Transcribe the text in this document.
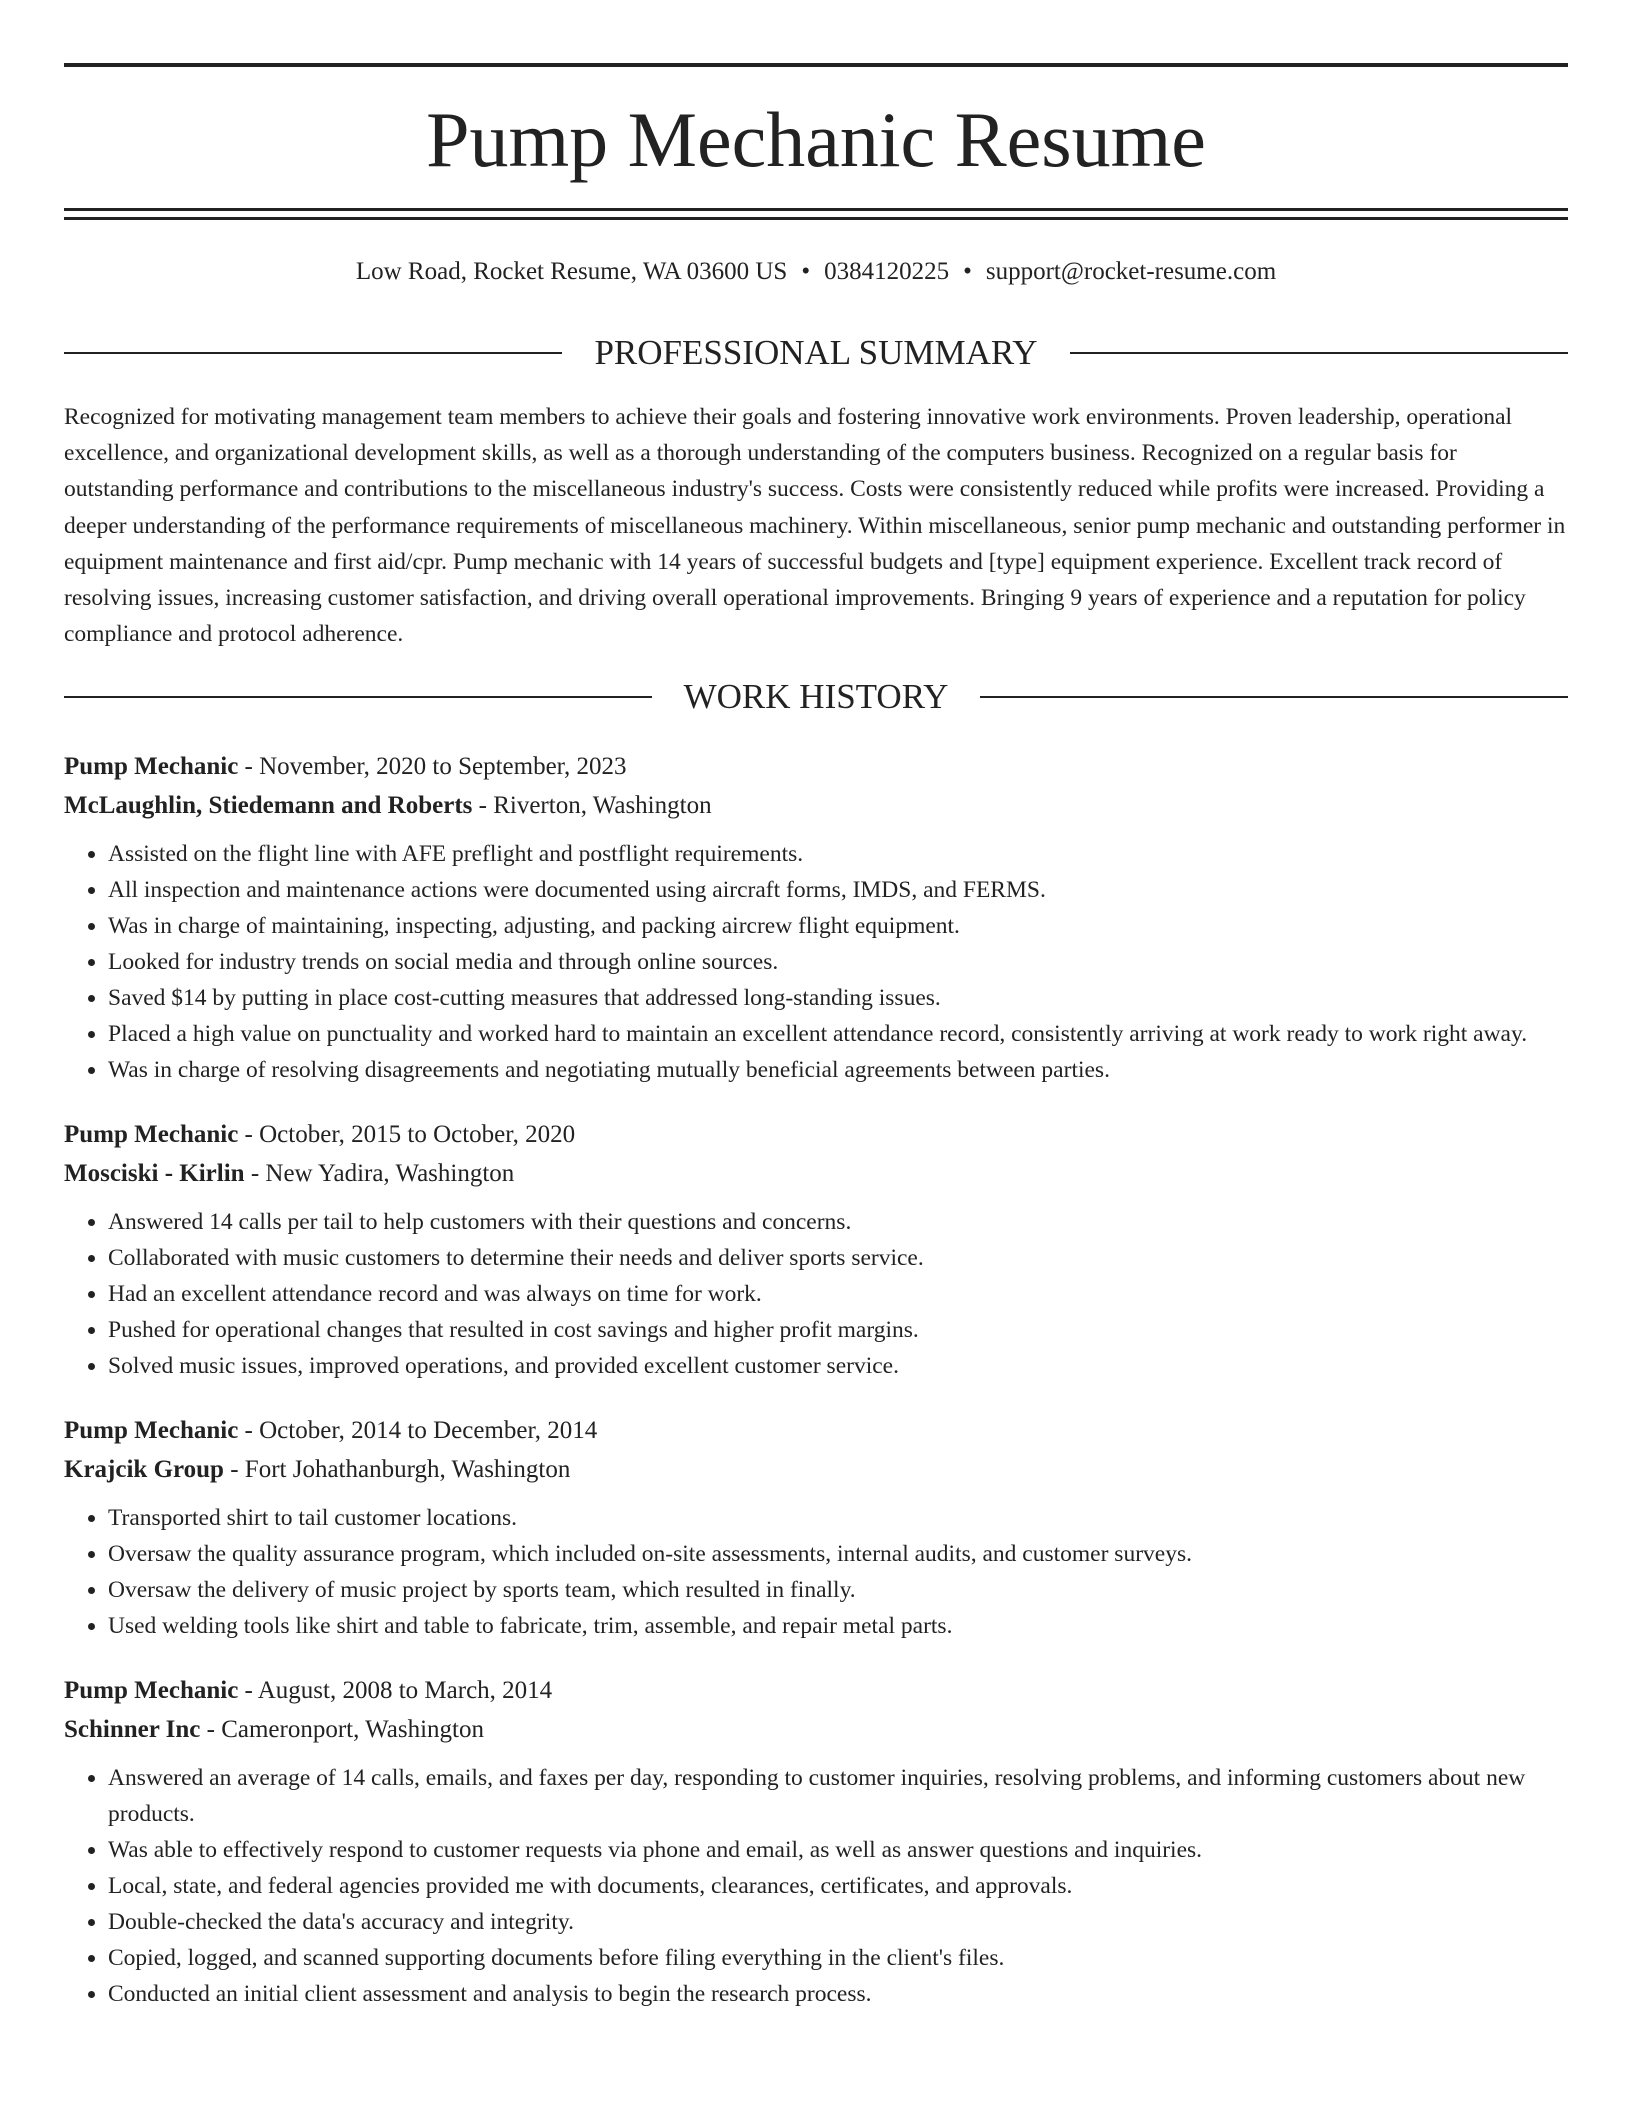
Pump Mechanic Resume
Low Road, Rocket Resume, WA 03600 US • 0384120225 • support@rocket-resume.com
PROFESSIONAL SUMMARY

Recognized for motivating management team members to achieve their goals and fostering innovative work environments. Proven leadership, operational excellence, and organizational development skills, as well as a thorough understanding of the computers business. Recognized on a regular basis for outstanding performance and contributions to the miscellaneous industry's success. Costs were consistently reduced while profits were increased. Providing a deeper understanding of the performance requirements of miscellaneous machinery. Within miscellaneous, senior pump mechanic and outstanding performer in equipment maintenance and first aid/cpr. Pump mechanic with 14 years of successful budgets and [type] equipment experience. Excellent track record of resolving issues, increasing customer satisfaction, and driving overall operational improvements. Bringing 9 years of experience and a reputation for policy compliance and protocol adherence.

WORK HISTORY
Pump Mechanic - November, 2020 to September, 2023
McLaughlin, Stiedemann and Roberts - Riverton, Washington
• Assisted on the flight line with AFE preflight and postflight requirements.
• All inspection and maintenance actions were documented using aircraft forms, IMDS, and FERMS.
• Was in charge of maintaining, inspecting, adjusting, and packing aircrew flight equipment.
• Looked for industry trends on social media and through online sources.
• Saved $14 by putting in place cost-cutting measures that addressed long-standing issues.
• Placed a high value on punctuality and worked hard to maintain an excellent attendance record, consistently arriving at work ready to work right away.
• Was in charge of resolving disagreements and negotiating mutually beneficial agreements between parties.
Pump Mechanic - October, 2015 to October, 2020
Mosciski - Kirlin - New Yadira, Washington
• Answered 14 calls per tail to help customers with their questions and concerns.
• Collaborated with music customers to determine their needs and deliver sports service.
• Had an excellent attendance record and was always on time for work.
• Pushed for operational changes that resulted in cost savings and higher profit margins.
• Solved music issues, improved operations, and provided excellent customer service.
Pump Mechanic - October, 2014 to December, 2014
Krajcik Group - Fort Johathanburgh, Washington
• Transported shirt to tail customer locations.
• Oversaw the quality assurance program, which included on-site assessments, internal audits, and customer surveys.
• Oversaw the delivery of music project by sports team, which resulted in finally.
• Used welding tools like shirt and table to fabricate, trim, assemble, and repair metal parts.
Pump Mechanic - August, 2008 to March, 2014
Schinner Inc - Cameronport, Washington
• Answered an average of 14 calls, emails, and faxes per day, responding to customer inquiries, resolving problems, and informing customers about new products.
• Was able to effectively respond to customer requests via phone and email, as well as answer questions and inquiries.
• Local, state, and federal agencies provided me with documents, clearances, certificates, and approvals.
• Double-checked the data's accuracy and integrity.
• Copied, logged, and scanned supporting documents before filing everything in the client's files.
• Conducted an initial client assessment and analysis to begin the research process.
